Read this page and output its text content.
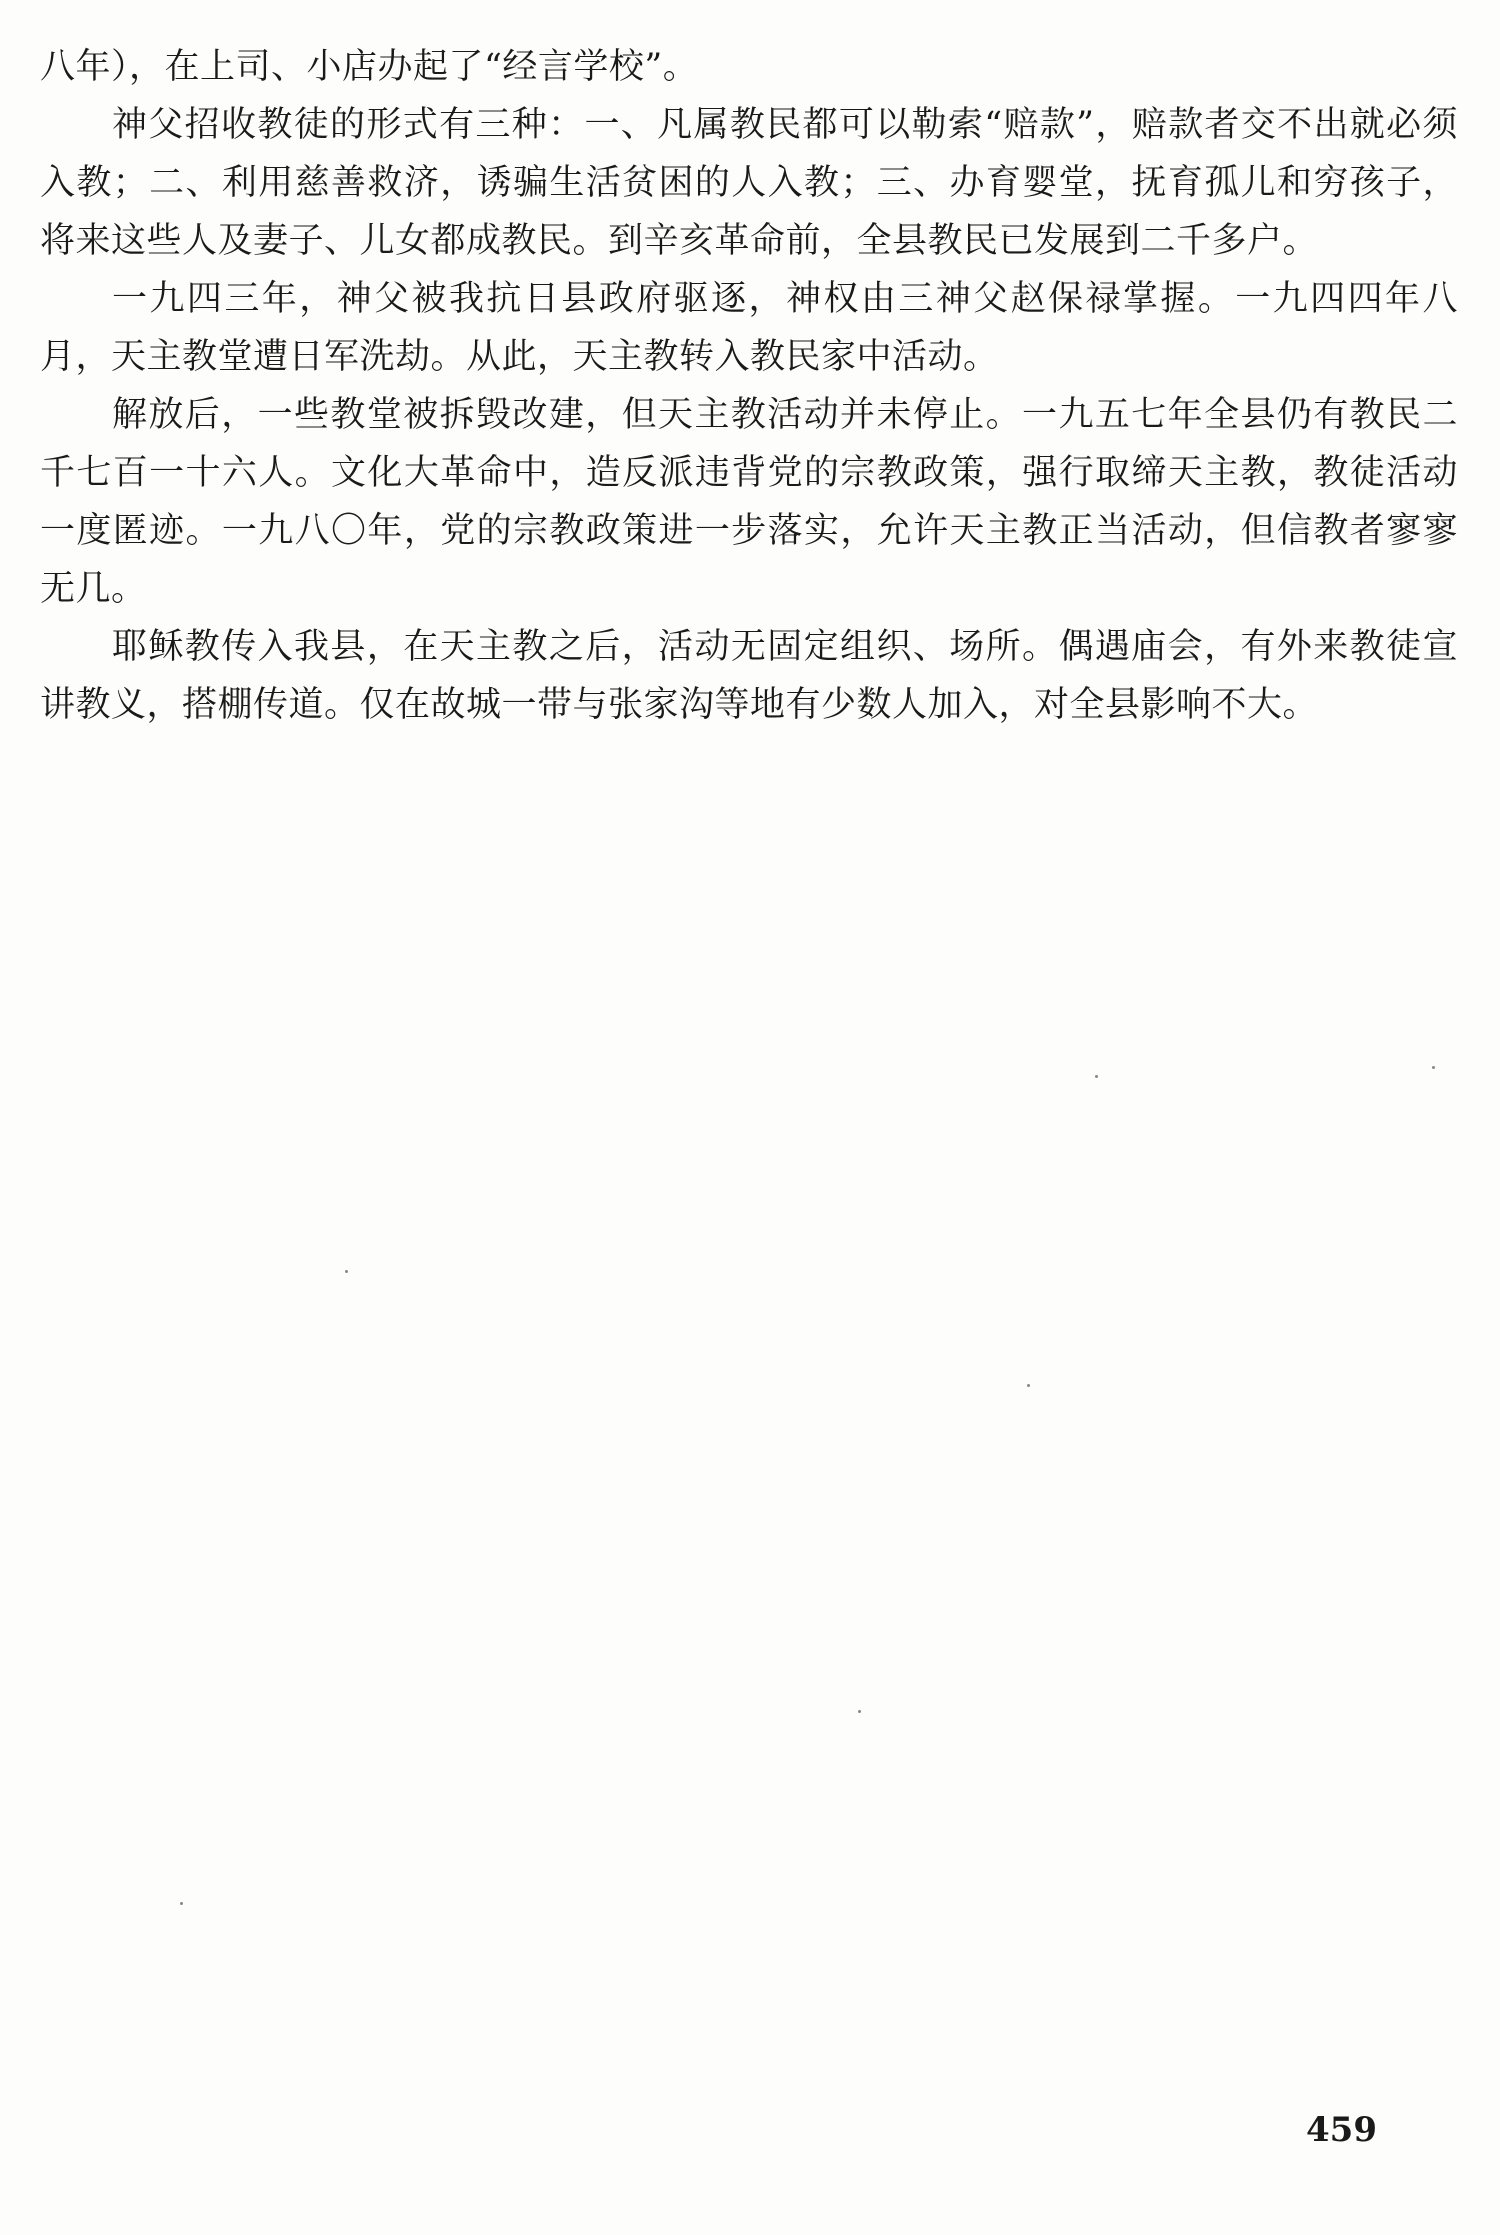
八年），在上司、小店办起了“经言学校”。

神父招收教徒的形式有三种：一、凡属教民都可以勒索“赔款”，赔款者交不出就必须入教；二、利用慈善救济，诱骗生活贫困的人入教；三、办育婴堂，抚育孤儿和穷孩子，将来这些人及妻子、儿女都成教民。到辛亥革命前，全县教民已发展到二千多户。

一九四三年，神父被我抗日县政府驱逐，神权由三神父赵保禄掌握。一九四四年八月，天主教堂遭日军洗劫。从此，天主教转入教民家中活动。

解放后，一些教堂被拆毁改建，但天主教活动并未停止。一九五七年全县仍有教民二千七百一十六人。文化大革命中，造反派违背党的宗教政策，强行取缔天主教，教徒活动一度匿迹。一九八〇年，党的宗教政策进一步落实，允许天主教正当活动，但信教者寥寥无几。

耶稣教传入我县，在天主教之后，活动无固定组织、场所。偶遇庙会，有外来教徒宣讲教义，搭棚传道。仅在故城一带与张家沟等地有少数人加入，对全县影响不大。

459
